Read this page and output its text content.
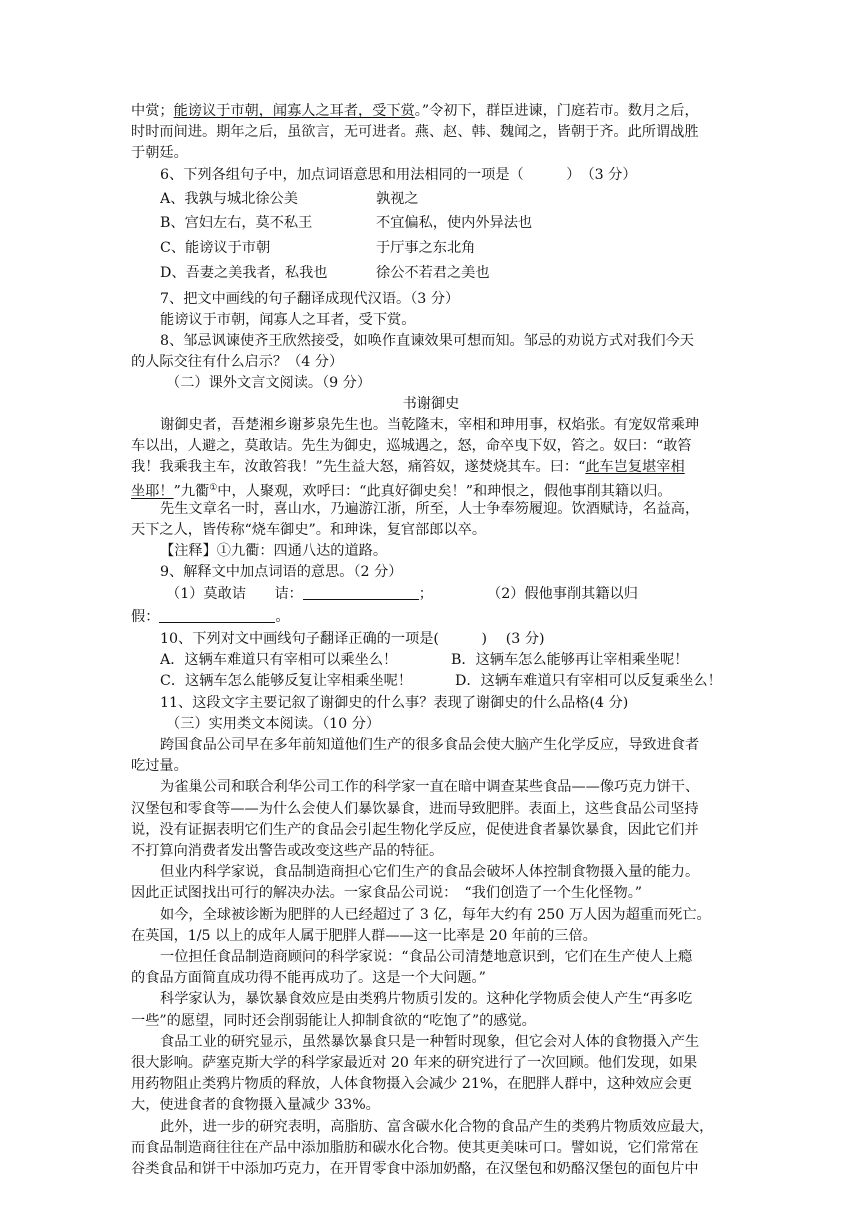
中赏；能谤议于市朝，闻寡人之耳者，受下赏。”令初下，群臣进谏，门庭若市。数月之后，
时时而间进。期年之后，虽欲言，无可进者。燕、赵、韩、魏闻之，皆朝于齐。此所谓战胜
于朝廷。
6、下列各组句子中，加点词语意思和用法相同的一项是（　　　）　（3 分）
A、我孰与城北徐公美	孰视之
B、宫妇左右，莫不私王	不宜偏私，使内外异法也
C、能谤议于市朝	于厅事之东北角
D、吾妻之美我者，私我也	徐公不若君之美也
7、把文中画线的句子翻译成现代汉语。（3 分）
能谤议于市朝，闻寡人之耳者，受下赏。
8、邹忌讽谏使齐王欣然接受，如唤作直谏效果可想而知。邹忌的劝说方式对我们今天
的人际交往有什么启示？（4 分）
（二）课外文言文阅读。（9 分）
书谢御史
谢御史者，吾楚湘乡谢芗泉先生也。当乾隆末，宰相和珅用事，权焰张。有宠奴常乘珅
车以出，人避之，莫敢诘。先生为御史，巡城遇之，怒，命卒曳下奴，笞之。奴曰：“敢笞
我！我乘我主车，汝敢笞我！”先生益大怒，痛笞奴，遂焚烧其车。曰：“此车岂复堪宰相
坐耶！”九衢①中，人聚观，欢呼曰：“此真好御史矣！”和珅恨之，假他事削其籍以归。
先生文章名一时，喜山水，乃遍游江浙，所至，人士争奉笏履迎。饮酒赋诗，名益高，
天下之人，皆传称“烧车御史”。和珅诛，复官部郎以卒。
【注释】①九衢：四通八达的道路。
9、解释文中加点词语的意思。（2 分）
（1）莫敢诘　　诘：	；	（2）假他事削其籍以归
假：	。
10、下列对文中画线句子翻译正确的一项是(　　　)　 (3 分)
A．这辆车难道只有宰相可以乘坐么！	B．这辆车怎么能够再让宰相乘坐呢！
C．这辆车怎么能够反复让宰相乘坐呢！	D．这辆车难道只有宰相可以反复乘坐么！
11、这段文字主要记叙了谢御史的什么事？表现了谢御史的什么品格(4 分)
（三）实用类文本阅读。（10 分）
跨国食品公司早在多年前知道他们生产的很多食品会使大脑产生化学反应，导致进食者
吃过量。
为雀巢公司和联合利华公司工作的科学家一直在暗中调查某些食品——像巧克力饼干、
汉堡包和零食等——为什么会使人们暴饮暴食，进而导致肥胖。表面上，这些食品公司坚持
说，没有证据表明它们生产的食品会引起生物化学反应，促使进食者暴饮暴食，因此它们并
不打算向消费者发出警告或改变这些产品的特征。
但业内科学家说，食品制造商担心它们生产的食品会破坏人体控制食物摄入量的能力。
因此正试图找出可行的解决办法。一家食品公司说：　“我们创造了一个生化怪物。”
如今，全球被诊断为肥胖的人已经超过了 3 亿，每年大约有 250 万人因为超重而死亡。
在英国，1/5 以上的成年人属于肥胖人群——这一比率是 20 年前的三倍。
一位担任食品制造商顾问的科学家说：“食品公司清楚地意识到，它们在生产使人上瘾
的食品方面简直成功得不能再成功了。这是一个大问题。”
科学家认为，暴饮暴食效应是由类鸦片物质引发的。这种化学物质会使人产生“再多吃
一些”的愿望，同时还会削弱能让人抑制食欲的“吃饱了”的感觉。
食品工业的研究显示，虽然暴饮暴食只是一种暂时现象，但它会对人体的食物摄入产生
很大影响。萨塞克斯大学的科学家最近对 20 年来的研究进行了一次回顾。他们发现，如果
用药物阻止类鸦片物质的释放，人体食物摄入会减少 21%，在肥胖人群中，这种效应会更
大，使进食者的食物摄入量减少 33%。
此外，进一步的研究表明，高脂肪、富含碳水化合物的食品产生的类鸦片物质效应最大，
而食品制造商往往在产品中添加脂肪和碳水化合物。使其更美味可口。譬如说，它们常常在
谷类食品和饼干中添加巧克力，在开胃零食中添加奶酪，在汉堡包和奶酪汉堡包的面包片中
